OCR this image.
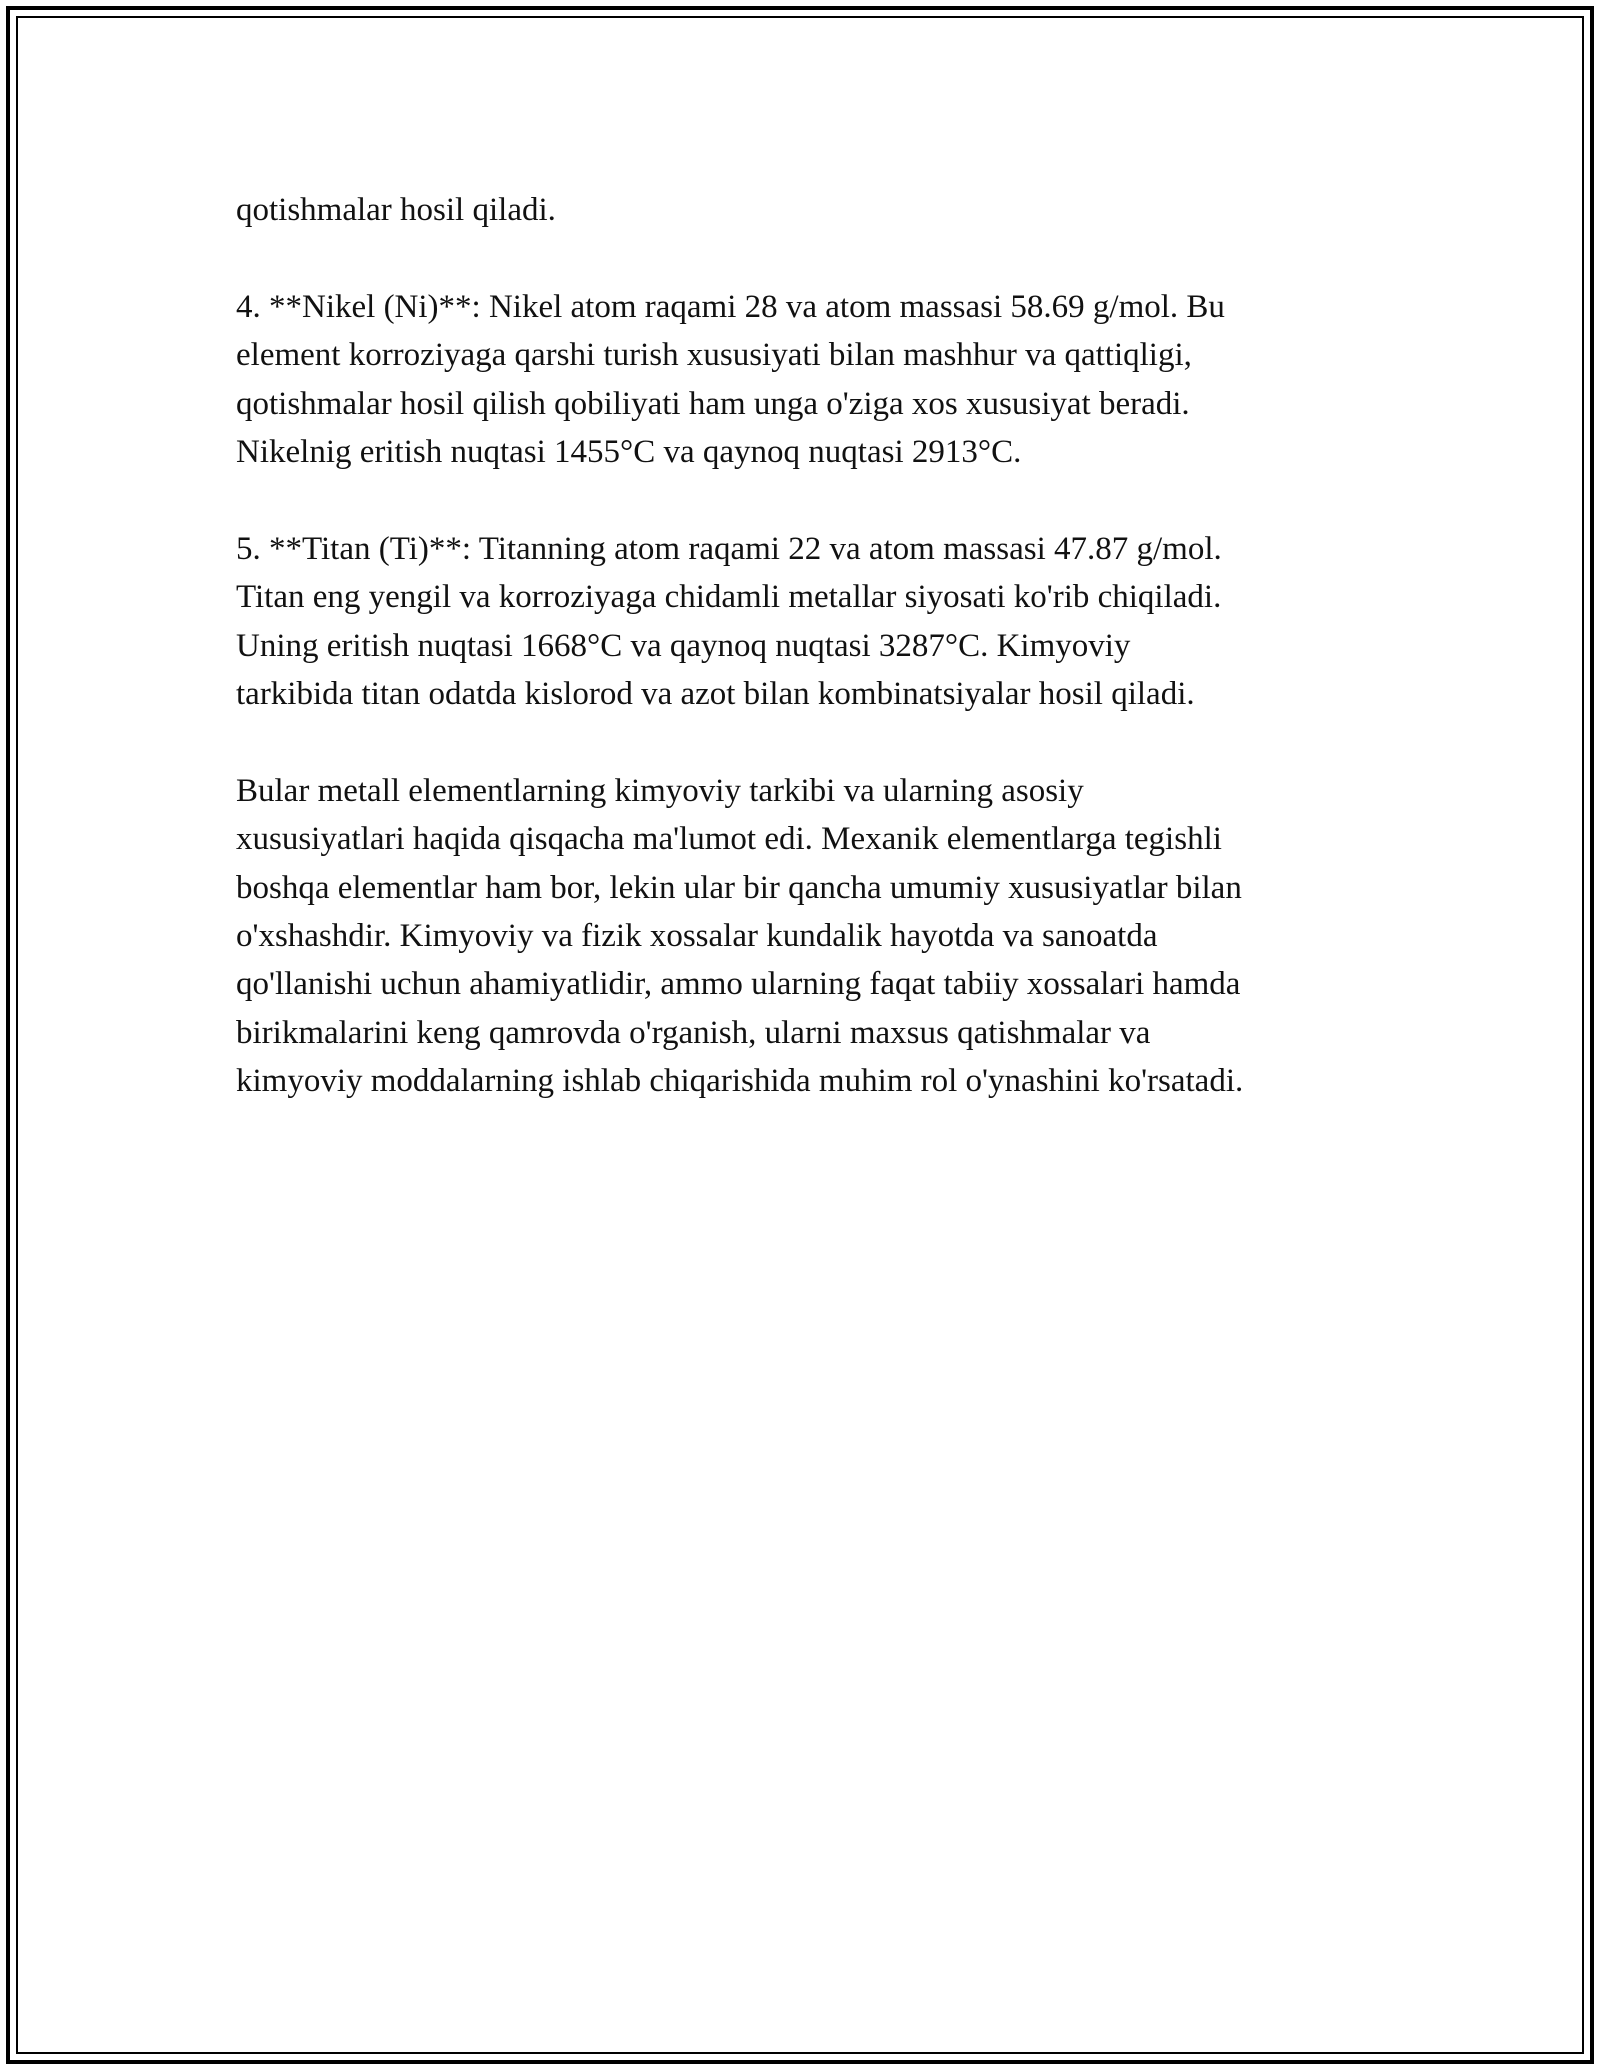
qotishmalar hosil qiladi.

4. **Nikel (Ni)**: Nikel atom raqami 28 va atom massasi 58.69 g/mol. Bu
element korroziyaga qarshi turish xususiyati bilan mashhur va qattiqligi,
qotishmalar hosil qilish qobiliyati ham unga o'ziga xos xususiyat beradi.
Nikelnig eritish nuqtasi 1455°C va qaynoq nuqtasi 2913°C.

5. **Titan (Ti)**: Titanning atom raqami 22 va atom massasi 47.87 g/mol.
Titan eng yengil va korroziyaga chidamli metallar siyosati ko'rib chiqiladi.
Uning eritish nuqtasi 1668°C va qaynoq nuqtasi 3287°C. Kimyoviy
tarkibida titan odatda kislorod va azot bilan kombinatsiyalar hosil qiladi.

Bular metall elementlarning kimyoviy tarkibi va ularning asosiy
xususiyatlari haqida qisqacha ma'lumot edi. Mexanik elementlarga tegishli
boshqa elementlar ham bor, lekin ular bir qancha umumiy xususiyatlar bilan
o'xshashdir. Kimyoviy va fizik xossalar kundalik hayotda va sanoatda
qo'llanishi uchun ahamiyatlidir, ammo ularning faqat tabiiy xossalari hamda
birikmalarini keng qamrovda o'rganish, ularni maxsus qatishmalar va
kimyoviy moddalarning ishlab chiqarishida muhim rol o'ynashini ko'rsatadi.
